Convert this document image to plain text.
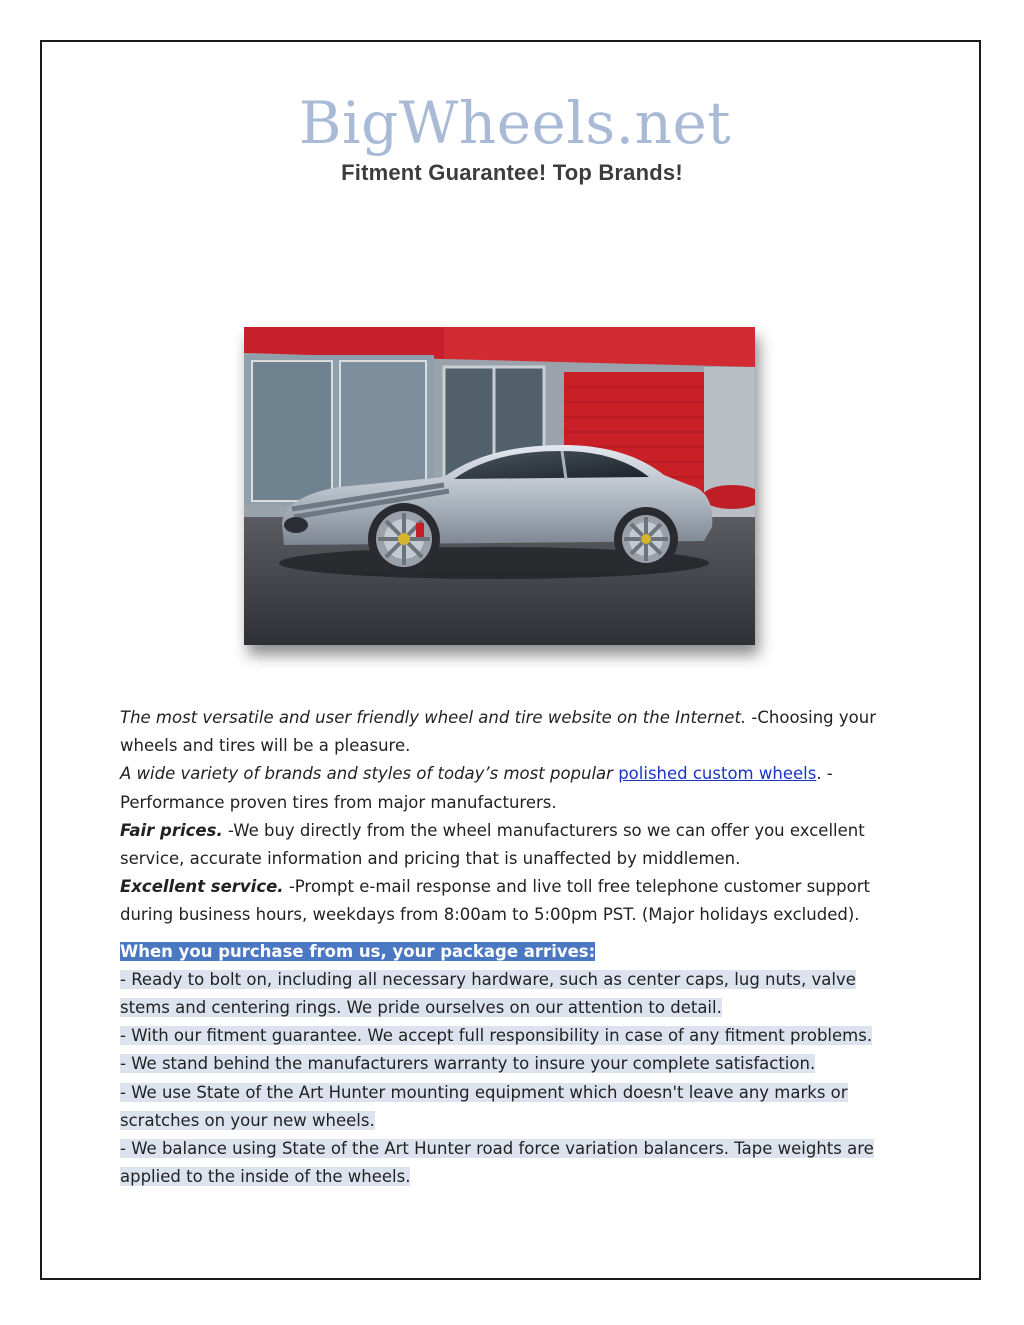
BigWheels.net
Fitment Guarantee! Top Brands!

The most versatile and user friendly wheel and tire website on the Internet. -Choosing your wheels and tires will be a pleasure.

A wide variety of brands and styles of today’s most popular polished custom wheels. - Performance proven tires from major manufacturers.

Fair prices. -We buy directly from the wheel manufacturers so we can offer you excellent service, accurate information and pricing that is unaffected by middlemen.

Excellent service. -Prompt e-mail response and live toll free telephone customer support during business hours, weekdays from 8:00am to 5:00pm PST. (Major holidays excluded).

When you purchase from us, your package arrives:

- Ready to bolt on, including all necessary hardware, such as center caps, lug nuts, valve stems and centering rings. We pride ourselves on our attention to detail.

- With our fitment guarantee. We accept full responsibility in case of any fitment problems.

- We stand behind the manufacturers warranty to insure your complete satisfaction.

- We use State of the Art Hunter mounting equipment which doesn't leave any marks or scratches on your new wheels.

- We balance using State of the Art Hunter road force variation balancers. Tape weights are applied to the inside of the wheels.
